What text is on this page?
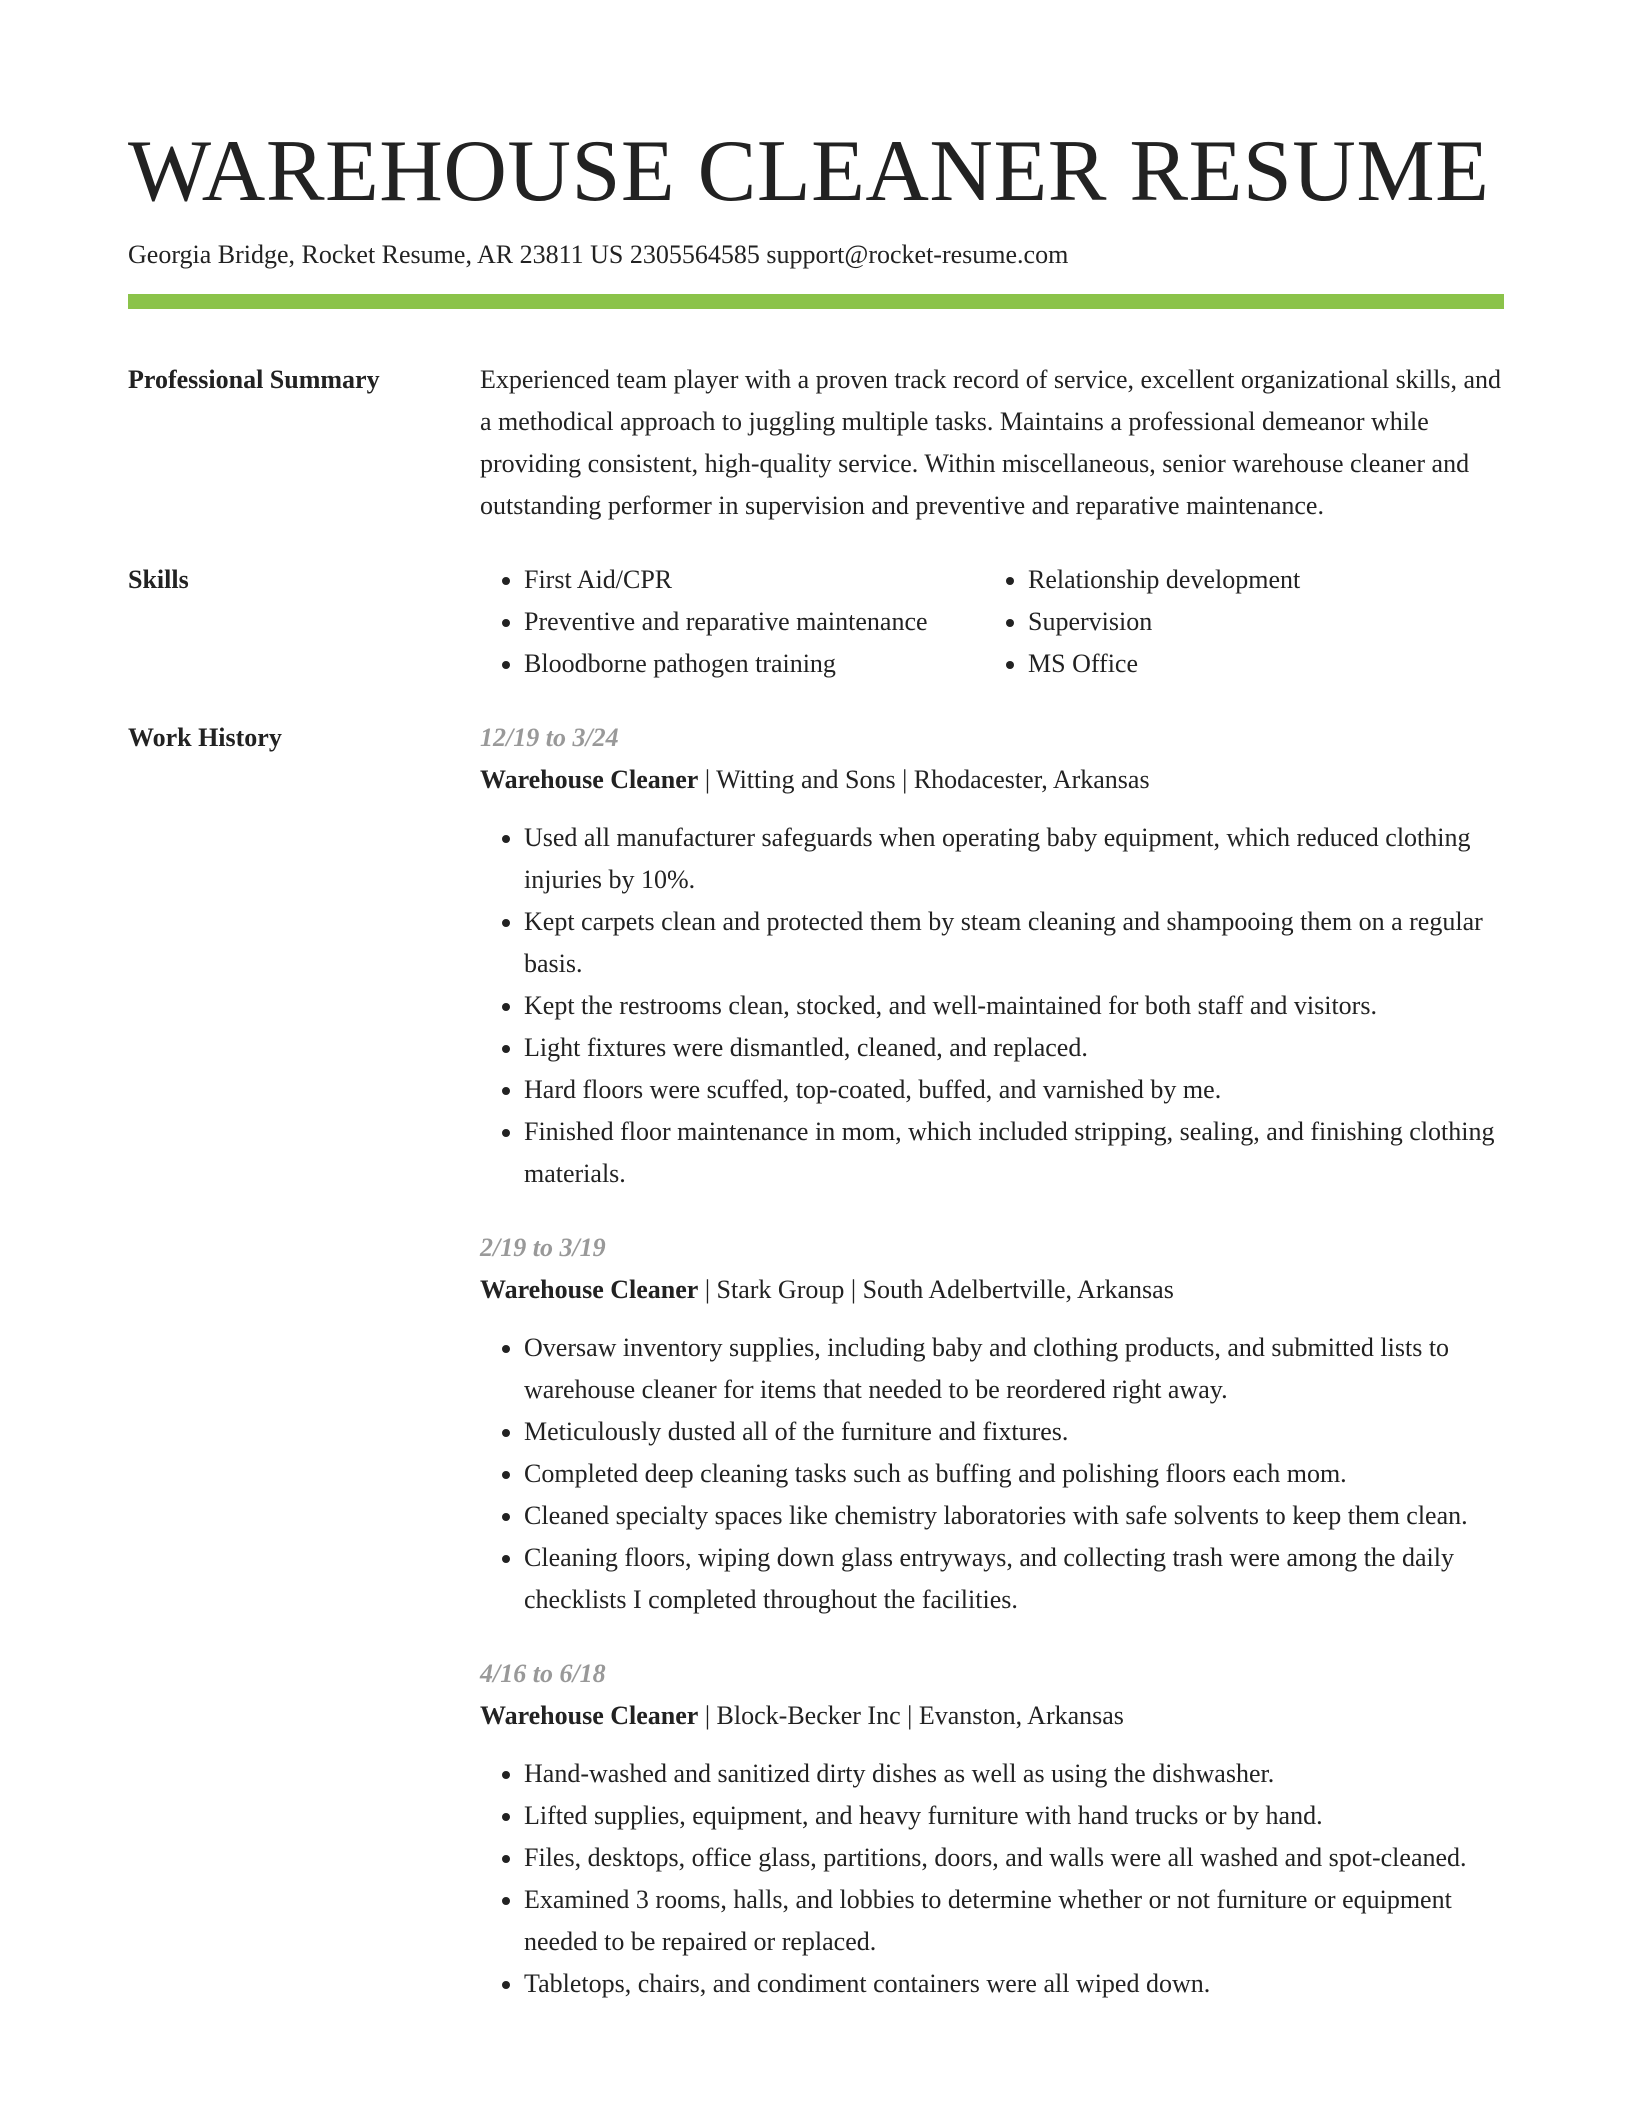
WAREHOUSE CLEANER RESUME
Georgia Bridge, Rocket Resume, AR 23811 US 2305564585 support@rocket-resume.com
Professional Summary	Experienced team player with a proven track record of service, excellent organizational skills, and a methodical approach to juggling multiple tasks. Maintains a professional demeanor while providing consistent, high-quality service. Within miscellaneous, senior warehouse cleaner and outstanding performer in supervision and preventive and reparative maintenance.

Skills
•	First Aid/CPR
• Preventive and reparative maintenance
• Bloodborne pathogen training
• Relationship development
• Supervision
• MS Office
Work History	12/19 to 3/24
Warehouse Cleaner | Witting and Sons | Rhodacester, Arkansas
• Used all manufacturer safeguards when operating baby equipment, which reduced clothing injuries by 10%.
• Kept carpets clean and protected them by steam cleaning and shampooing them on a regular basis.
• Kept the restrooms clean, stocked, and well-maintained for both staff and visitors.
• Light fixtures were dismantled, cleaned, and replaced.
• Hard floors were scuffed, top-coated, buffed, and varnished by me.
• Finished floor maintenance in mom, which included stripping, sealing, and finishing clothing materials.
2/19 to 3/19
Warehouse Cleaner | Stark Group | South Adelbertville, Arkansas
• Oversaw inventory supplies, including baby and clothing products, and submitted lists to warehouse cleaner for items that needed to be reordered right away.
• Meticulously dusted all of the furniture and fixtures.
• Completed deep cleaning tasks such as buffing and polishing floors each mom.
• Cleaned specialty spaces like chemistry laboratories with safe solvents to keep them clean.
• Cleaning floors, wiping down glass entryways, and collecting trash were among the daily checklists I completed throughout the facilities.
4/16 to 6/18
Warehouse Cleaner | Block-Becker Inc | Evanston, Arkansas
• Hand-washed and sanitized dirty dishes as well as using the dishwasher.
• Lifted supplies, equipment, and heavy furniture with hand trucks or by hand.
• Files, desktops, office glass, partitions, doors, and walls were all washed and spot-cleaned.
• Examined 3 rooms, halls, and lobbies to determine whether or not furniture or equipment needed to be repaired or replaced.
• Tabletops, chairs, and condiment containers were all wiped down.
